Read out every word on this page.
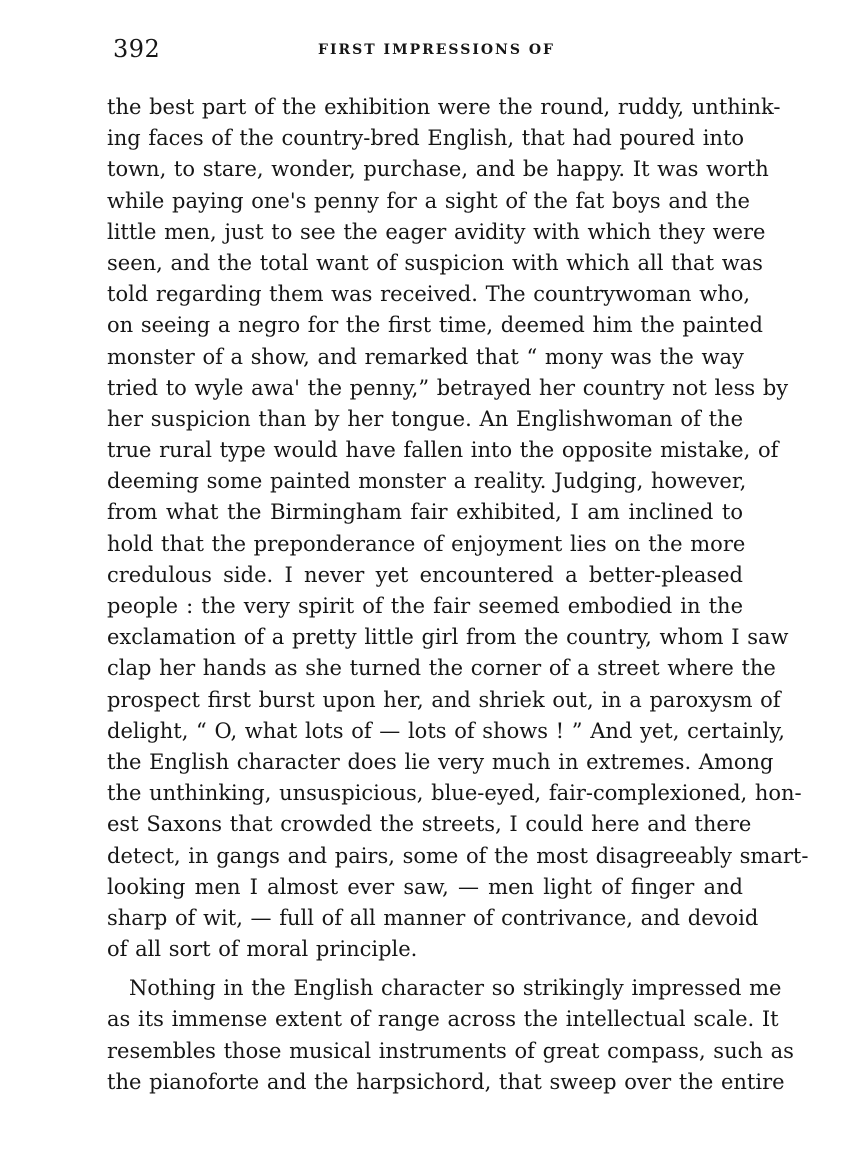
392	FIRST IMPRESSIONS OF
the best part of the exhibition were the round, ruddy, unthink-
ing faces of the country-bred English, that had poured into
town, to stare, wonder, purchase, and be happy. It was worth
while paying one's penny for a sight of the fat boys and the
little men, just to see the eager avidity with which they were
seen, and the total want of suspicion with which all that was
told regarding them was received. The countrywoman who,
on seeing a negro for the first time, deemed him the painted
monster of a show, and remarked that “ mony was the way
tried to wyle awa' the penny,” betrayed her country not less by
her suspicion than by her tongue. An Englishwoman of the
true rural type would have fallen into the opposite mistake, of
deeming some painted monster a reality. Judging, however,
from what the Birmingham fair exhibited, I am inclined to
hold that the preponderance of enjoyment lies on the more
credulous side. I never yet encountered a better-pleased
people : the very spirit of the fair seemed embodied in the
exclamation of a pretty little girl from the country, whom I saw
clap her hands as she turned the corner of a street where the
prospect first burst upon her, and shriek out, in a paroxysm of
delight, “ O, what lots of — lots of shows ! ” And yet, certainly,
the English character does lie very much in extremes. Among
the unthinking, unsuspicious, blue-eyed, fair-complexioned, hon-
est Saxons that crowded the streets, I could here and there
detect, in gangs and pairs, some of the most disagreeably smart-
looking men I almost ever saw, — men light of finger and
sharp of wit, — full of all manner of contrivance, and devoid
of all sort of moral principle.
Nothing in the English character so strikingly impressed me
as its immense extent of range across the intellectual scale. It
resembles those musical instruments of great compass, such as
the pianoforte and the harpsichord, that sweep over the entire
